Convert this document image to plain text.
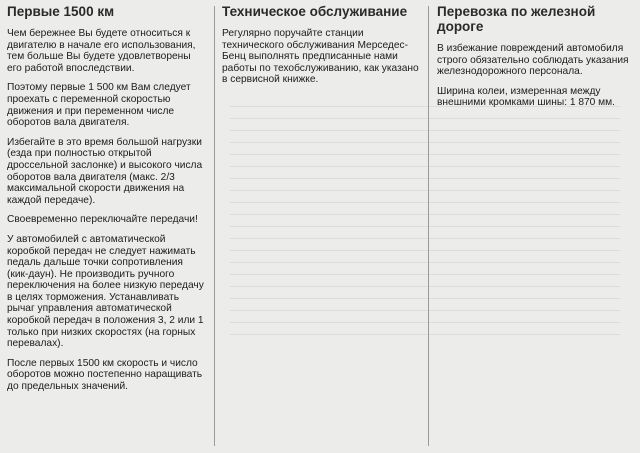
Первые 1500 км

Чем бережнее Вы будете относиться к двигателю в начале его использования, тем больше Вы будете удовлетворены его работой впоследствии.

Поэтому первые 1 500 км Вам следует проехать с переменной скоростью движения и при переменном числе оборотов вала двигателя.

Избегайте в это время большой нагрузки (езда при полностью открытой дроссельной заслонке) и высокого числа оборотов вала двигателя (макс. 2/3 максимальной скорости движения на каждой передаче).

Своевременно переключайте передачи!

У автомобилей с автоматической коробкой передач не следует нажимать педаль дальше точки сопротивления (кик-даун). Не производить ручного переключения на более низкую передачу в целях торможения. Устанавливать рычаг управления автоматической коробкой передач в положения 3, 2 или 1 только при низких скоростях (на горных перевалах).

После первых 1500 км скорость и число оборотов можно постепенно наращивать до предельных значений.

Техническое обслуживание

Регулярно поручайте станции технического обслуживания Мерседес-Бенц выполнять предписанные нами работы по техобслуживанию, как указано в сервисной книжке.

Перевозка по железной дороге

В избежание повреждений автомобиля строго обязательно соблюдать указания железнодорожного персонала.

Ширина колеи, измеренная между внешними кромками шины: 1 870 мм.
